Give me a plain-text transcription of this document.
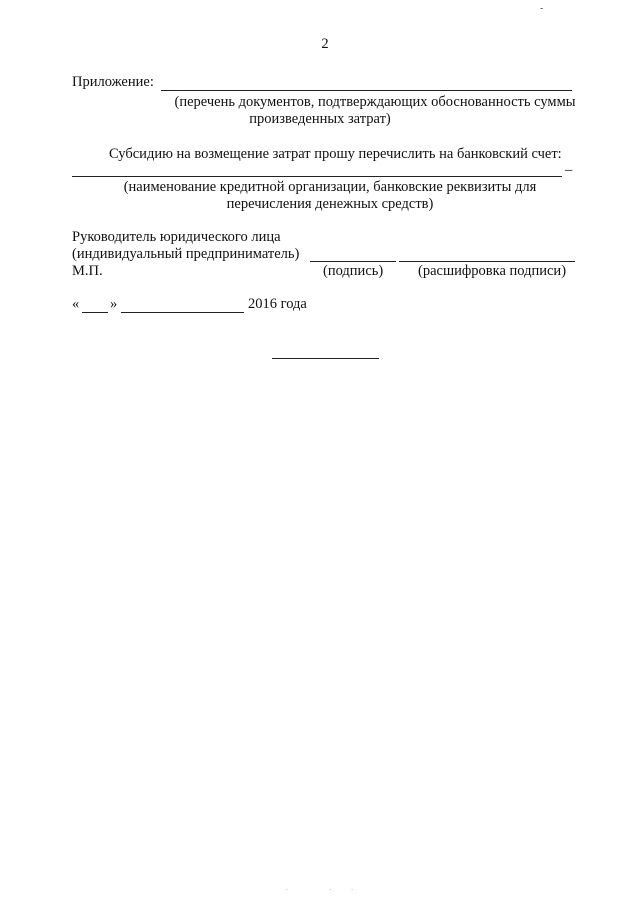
-
2
Приложение:
(перечень документов, подтверждающих обоснованность суммы
произведенных затрат)
Субсидию на возмещение затрат прошу перечислить на банковский счет:
–
(наименование кредитной организации, банковские реквизиты для
перечисления денежных средств)
Руководитель юридического лица
(индивидуальный предприниматель)
М.П.	(подпись) (расшифровка подписи)
« »	2016 года
. ..
